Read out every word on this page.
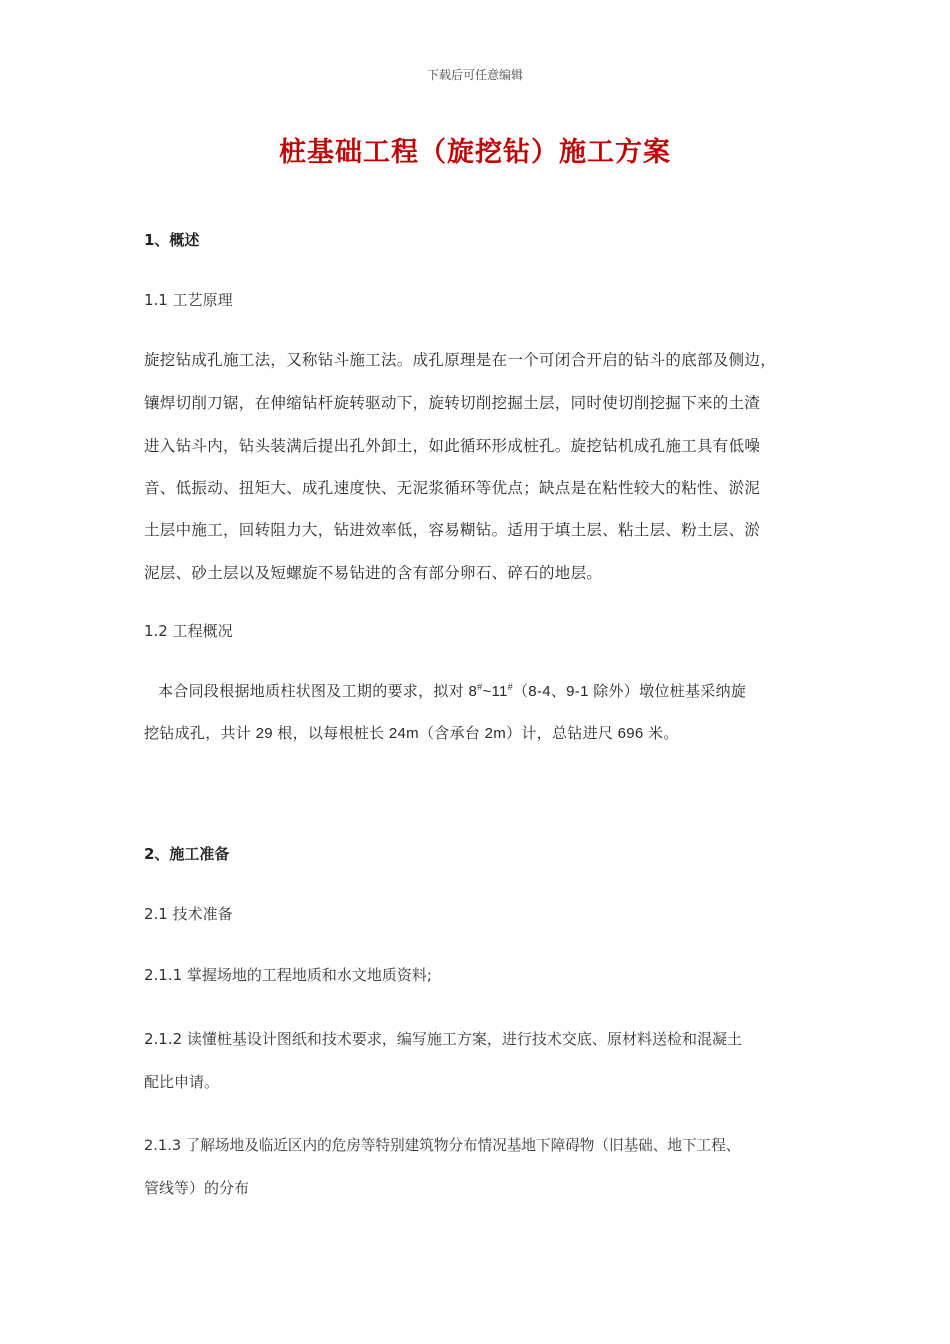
下载后可任意编辑
桩基础工程（旋挖钻）施工方案
1、概述
1.1 工艺原理
旋挖钻成孔施工法，又称钻斗施工法。成孔原理是在一个可闭合开启的钻斗的底部及侧边，
镶焊切削刀锯，在伸缩钻杆旋转驱动下，旋转切削挖掘土层，同时使切削挖掘下来的土渣
进入钻斗内，钻头装满后提出孔外卸土，如此循环形成桩孔。旋挖钻机成孔施工具有低噪
音、低振动、扭矩大、成孔速度快、无泥浆循环等优点；缺点是在粘性较大的粘性、淤泥
土层中施工，回转阻力大，钻进效率低，容易糊钻。适用于填土层、粘土层、粉土层、淤
泥层、砂土层以及短螺旋不易钻进的含有部分卵石、碎石的地层。
1.2 工程概况
本合同段根据地质柱状图及工期的要求，拟对 8#~11#（8-4、9-1 除外）墩位桩基采纳旋
挖钻成孔，共计 29 根，以每根桩长 24m（含承台 2m）计，总钻进尺 696 米。
2、施工准备
2.1 技术准备
2.1.1 掌握场地的工程地质和水文地质资料;
2.1.2 读懂桩基设计图纸和技术要求，编写施工方案，进行技术交底、原材料送检和混凝土
配比申请。
2.1.3 了解场地及临近区内的危房等特别建筑物分布情况基地下障碍物（旧基础、地下工程、
管线等）的分布
